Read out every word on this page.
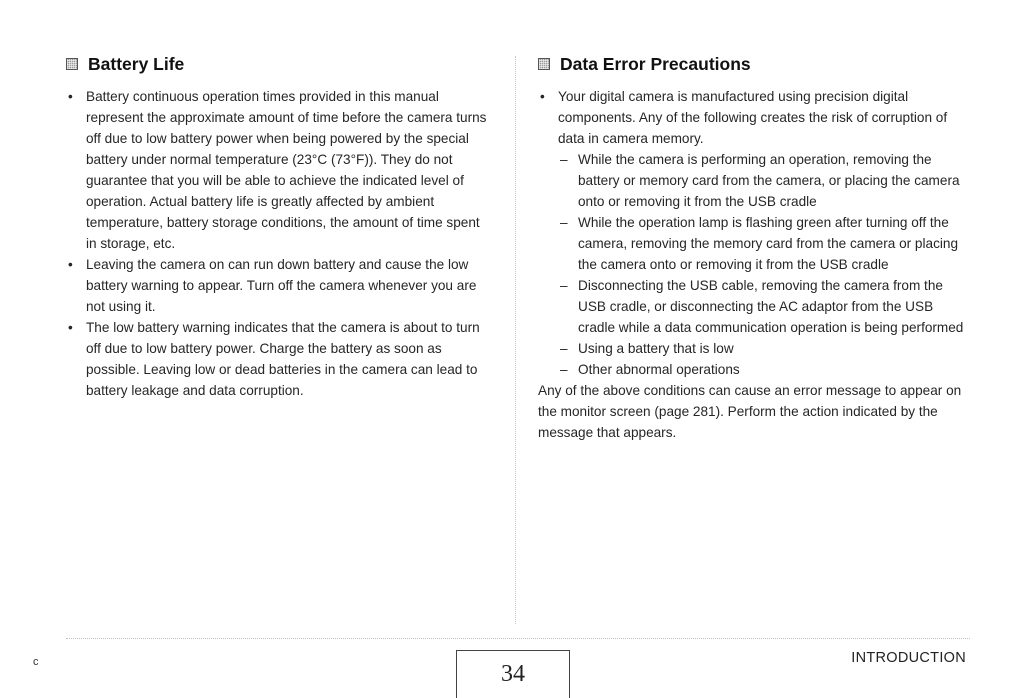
Battery Life
• Battery continuous operation times provided in this manual represent the approximate amount of time before the camera turns off due to low battery power when being powered by the special battery under normal temperature (23°C (73°F)). They do not guarantee that you will be able to achieve the indicated level of operation. Actual battery life is greatly affected by ambient temperature, battery storage conditions, the amount of time spent in storage, etc.
• Leaving the camera on can run down battery and cause the low battery warning to appear. Turn off the camera whenever you are not using it.
• The low battery warning indicates that the camera is about to turn off due to low battery power. Charge the battery as soon as possible. Leaving low or dead batteries in the camera can lead to battery leakage and data corruption.
Data Error Precautions
• Your digital camera is manufactured using precision digital components. Any of the following creates the risk of corruption of data in camera memory.
– While the camera is performing an operation, removing the battery or memory card from the camera, or placing the camera onto or removing it from the USB cradle
– While the operation lamp is flashing green after turning off the camera, removing the memory card from the camera or placing the camera onto or removing it from the USB cradle
– Disconnecting the USB cable, removing the camera from the USB cradle, or disconnecting the AC adaptor from the USB cradle while a data communication operation is being performed
– Using a battery that is low
– Other abnormal operations

Any of the above conditions can cause an error message to appear on the monitor screen (page 281). Perform the action indicated by the message that appears.

c	34
INTRODUCTION
